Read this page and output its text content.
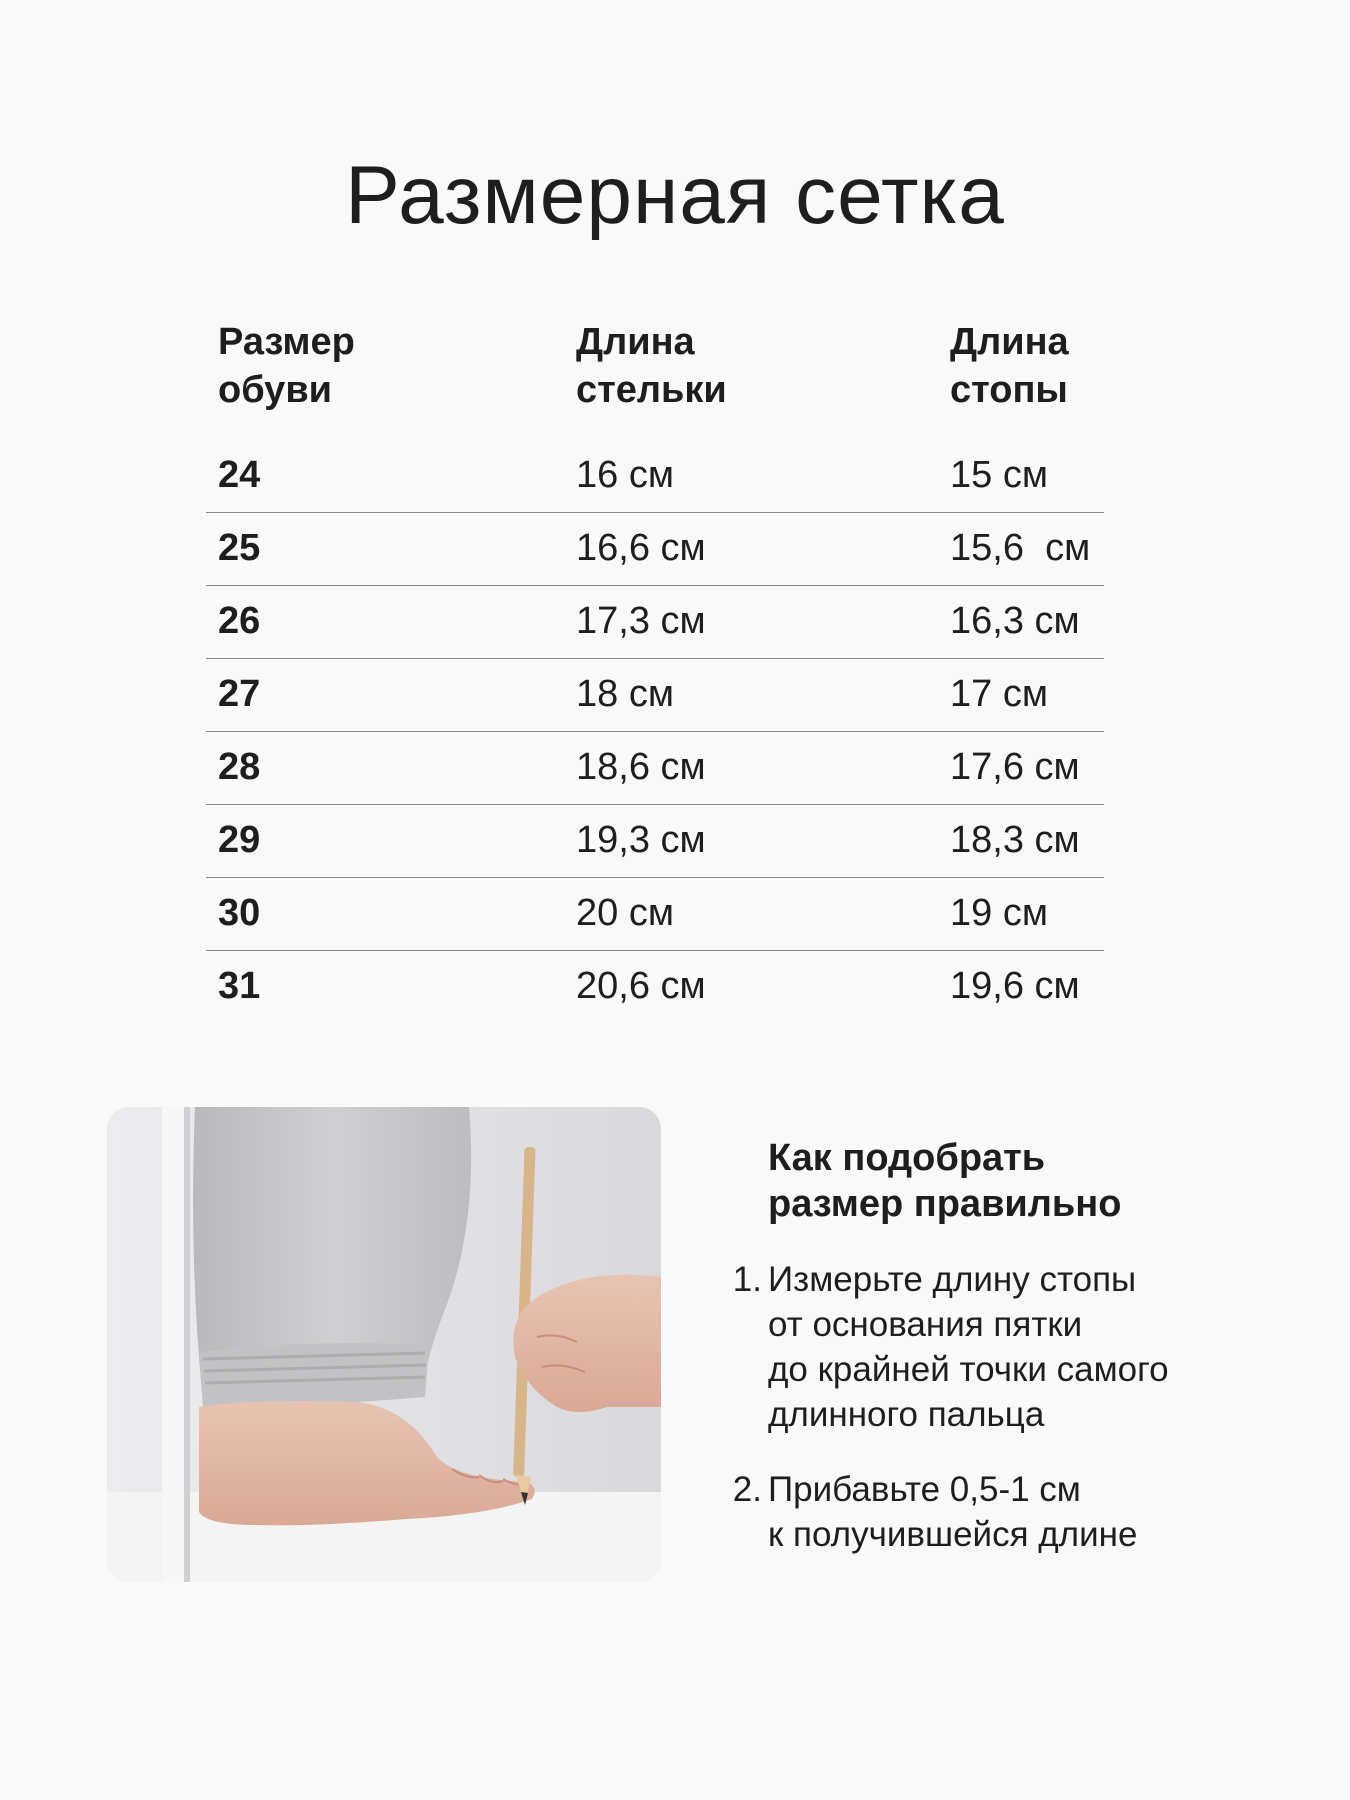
Размерная сетка
Размер
обуви
Длина
стельки
Длина
стопы
24	16 см	15 см
25	16,6 см	15,6  см
26	17,3 см	16,3 см
27	18 см	17 см
28	18,6 см	17,6 см
29	19,3 см	18,3 см
30	20 см	19 см
31	20,6 см	19,6 см
Как подобрать
размер правильно
1. Измерьте длину стопы
от основания пятки
до крайней точки самого
длинного пальца
2. Прибавьте 0,5-1 см
к получившейся длине
